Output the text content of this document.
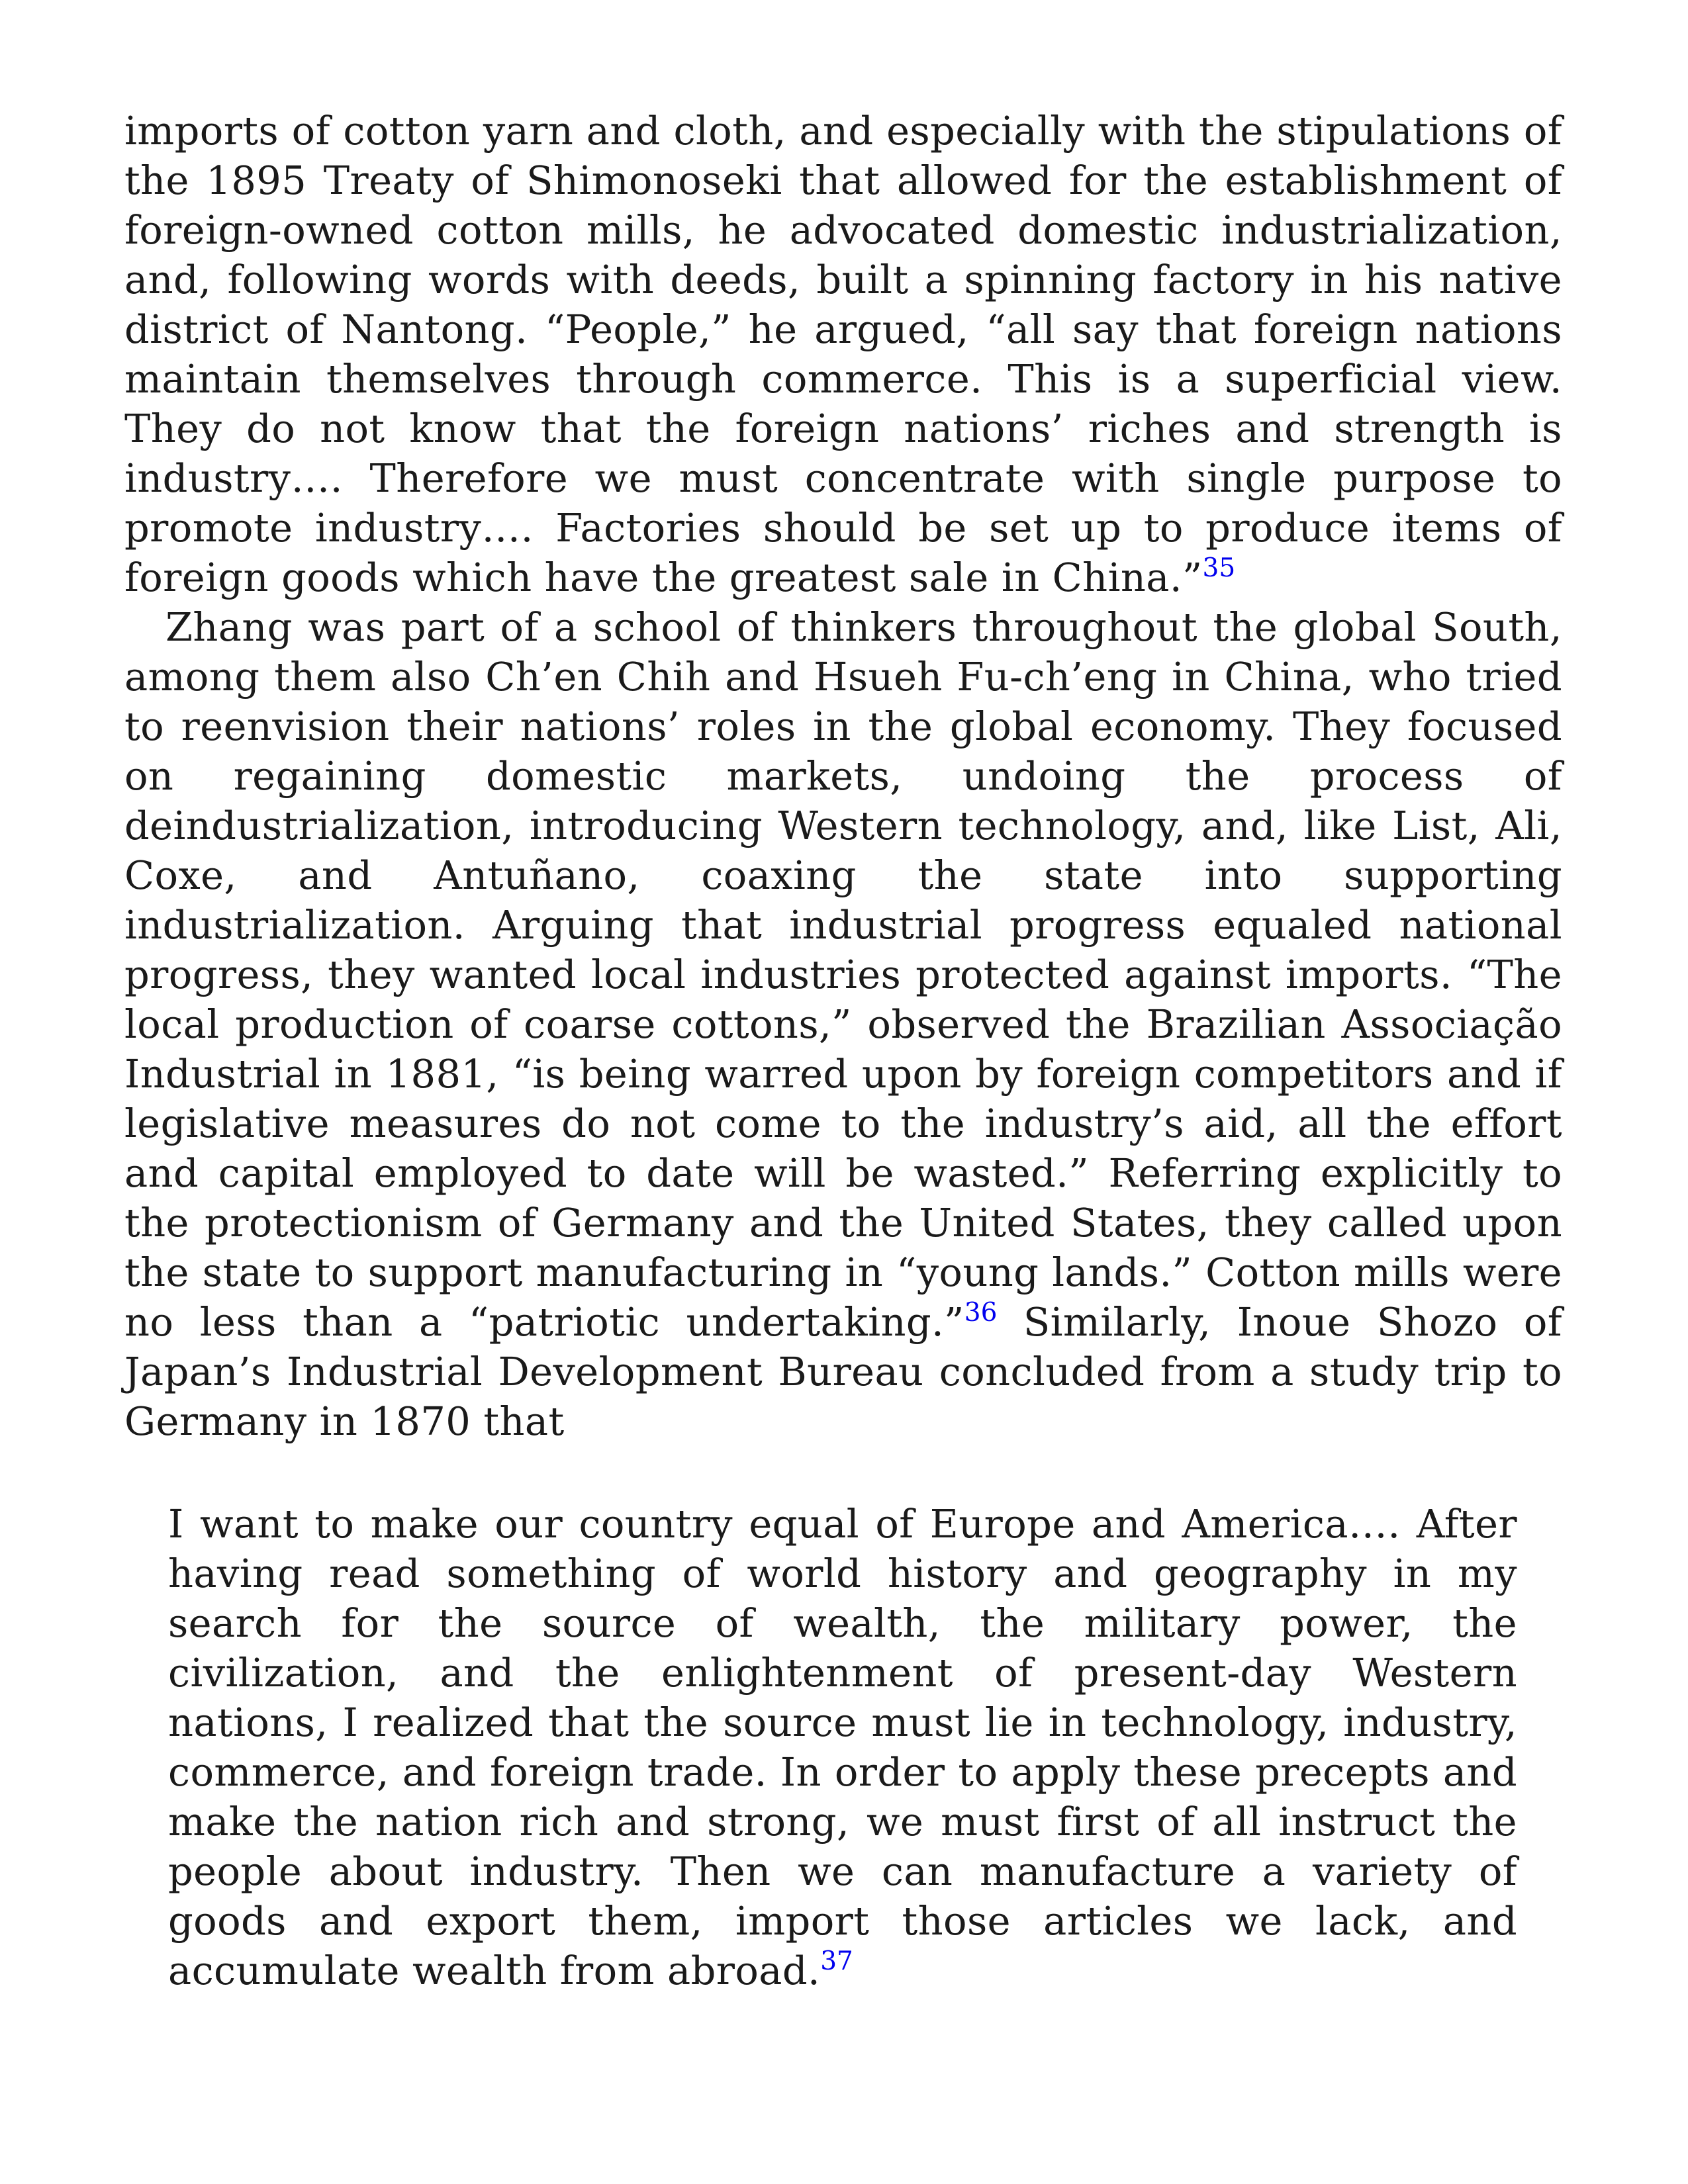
imports of cotton yarn and cloth, and especially with the stipulations of the 1895 Treaty of Shimonoseki that allowed for the establishment of foreign-owned cotton mills, he advocated domestic industrialization, and, following words with deeds, built a spinning factory in his native district of Nantong. “People,” he argued, “all say that foreign nations maintain themselves through commerce. This is a superficial view. They do not know that the foreign nations’ riches and strength is industry…. Therefore we must concentrate with single purpose to promote industry…. Factories should be set up to produce items of foreign goods which have the greatest sale in China.”$^{35}$

Zhang was part of a school of thinkers throughout the global South, among them also Ch’en Chih and Hsueh Fu-ch’eng in China, who tried to reenvision their nations’ roles in the global economy. They focused on regaining domestic markets, undoing the process of deindustrialization, introducing Western technology, and, like List, Ali, Coxe, and Antuñano, coaxing the state into supporting industrialization. Arguing that industrial progress equaled national progress, they wanted local industries protected against imports. “The local production of coarse cottons,” observed the Brazilian Associação Industrial in 1881, “is being warred upon by foreign competitors and if legislative measures do not come to the industry’s aid, all the effort and capital employed to date will be wasted.” Referring explicitly to the protectionism of Germany and the United States, they called upon the state to support manufacturing in “young lands.” Cotton mills were no less than a “patriotic undertaking.”$^{36}$ Similarly, Inoue Shozo of Japan’s Industrial Development Bureau concluded from a study trip to Germany in 1870 that

I want to make our country equal of Europe and America…. After having read something of world history and geography in my search for the source of wealth, the military power, the civilization, and the enlightenment of present-day Western nations, I realized that the source must lie in technology, industry, commerce, and foreign trade. In order to apply these precepts and make the nation rich and strong, we must first of all instruct the people about industry. Then we can manufacture a variety of goods and export them, import those articles we lack, and accumulate wealth from abroad.$^{37}$
